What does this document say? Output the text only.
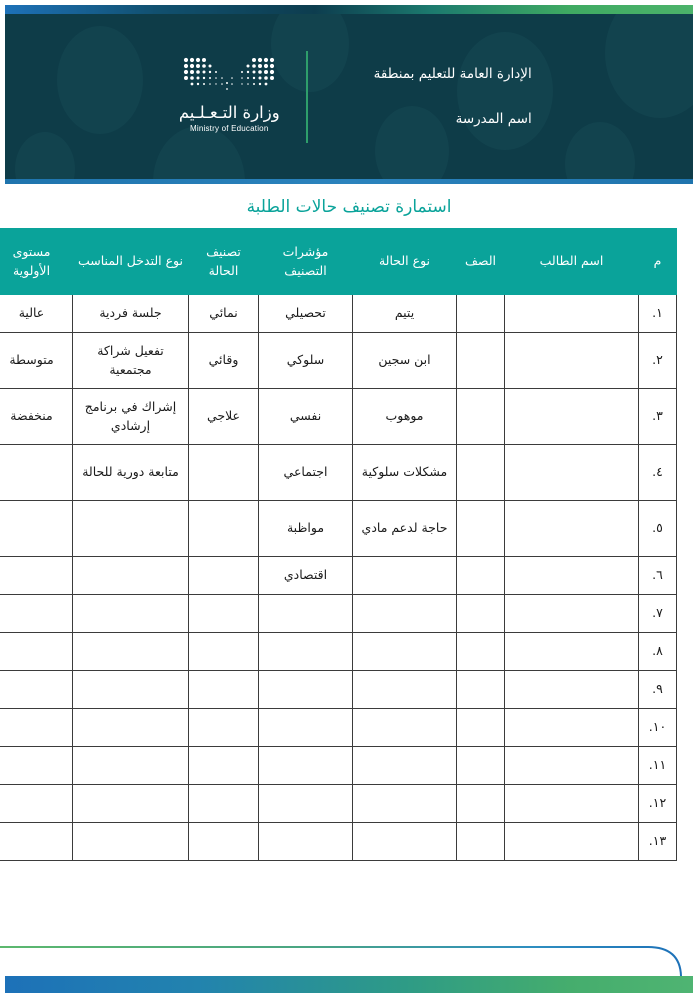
وزارة التـعـلـيم
Ministry of Education
الإدارة العامة للتعليم بمنطقة
اسم المدرسة
استمارة تصنيف حالات الطلبة
م	اسم الطالب	الصف	نوع الحالة	مؤشرات التصنيف	تصنيف الحالة	نوع التدخل المناسب	مستوى الأولوية
١.			يتيم	تحصيلي	نمائي	جلسة فردية	عالية
٢.			ابن سجين	سلوكي	وقائي	تفعيل شراكة مجتمعية	متوسطة
٣.			موهوب	نفسي	علاجي	إشراك في برنامج إرشادي	منخفضة
٤.			مشكلات سلوكية	اجتماعي		متابعة دورية للحالة	
٥.			حاجة لدعم مادي	مواظبة			
٦.				اقتصادي			
٧.							
٨.							
٩.							
١٠.							
١١.							
١٢.							
١٣.							
